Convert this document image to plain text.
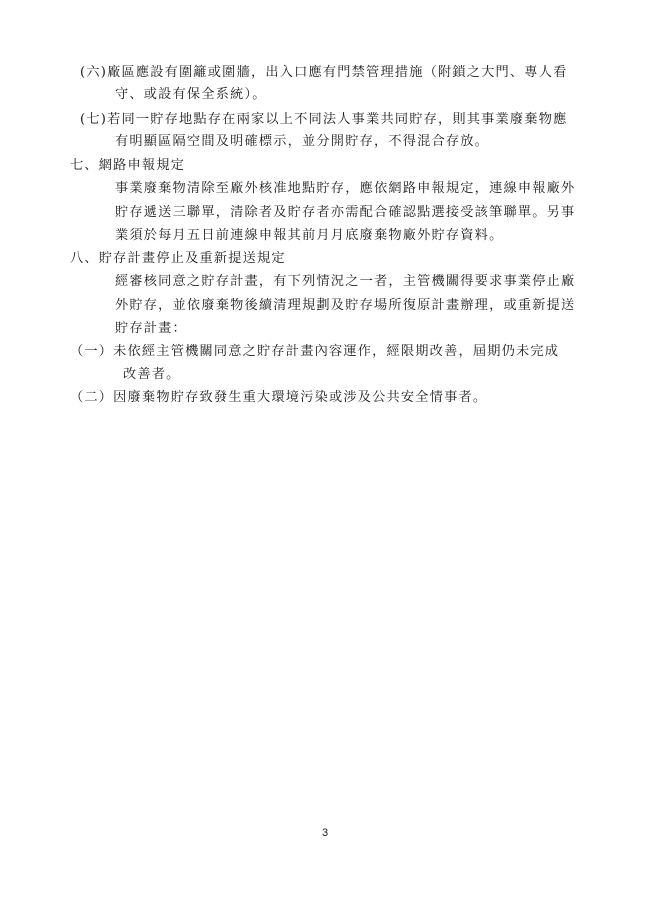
(六)廠區應設有圍籬或圍牆，出入口應有門禁管理措施（附鎖之大門、專人看
守、或設有保全系統）。
(七)若同一貯存地點存在兩家以上不同法人事業共同貯存，則其事業廢棄物應
有明顯區隔空間及明確標示，並分開貯存，不得混合存放。
七、網路申報規定
事業廢棄物清除至廠外核准地點貯存，應依網路申報規定，連線申報廠外
貯存遞送三聯單，清除者及貯存者亦需配合確認點選接受該筆聯單。另事
業須於每月五日前連線申報其前月月底廢棄物廠外貯存資料。
八、貯存計畫停止及重新提送規定
經審核同意之貯存計畫，有下列情況之一者，主管機關得要求事業停止廠
外貯存，並依廢棄物後續清理規劃及貯存場所復原計畫辦理，或重新提送
貯存計畫：
（一）未依經主管機關同意之貯存計畫內容運作，經限期改善，屆期仍未完成
改善者。
（二）因廢棄物貯存致發生重大環境污染或涉及公共安全情事者。
3
